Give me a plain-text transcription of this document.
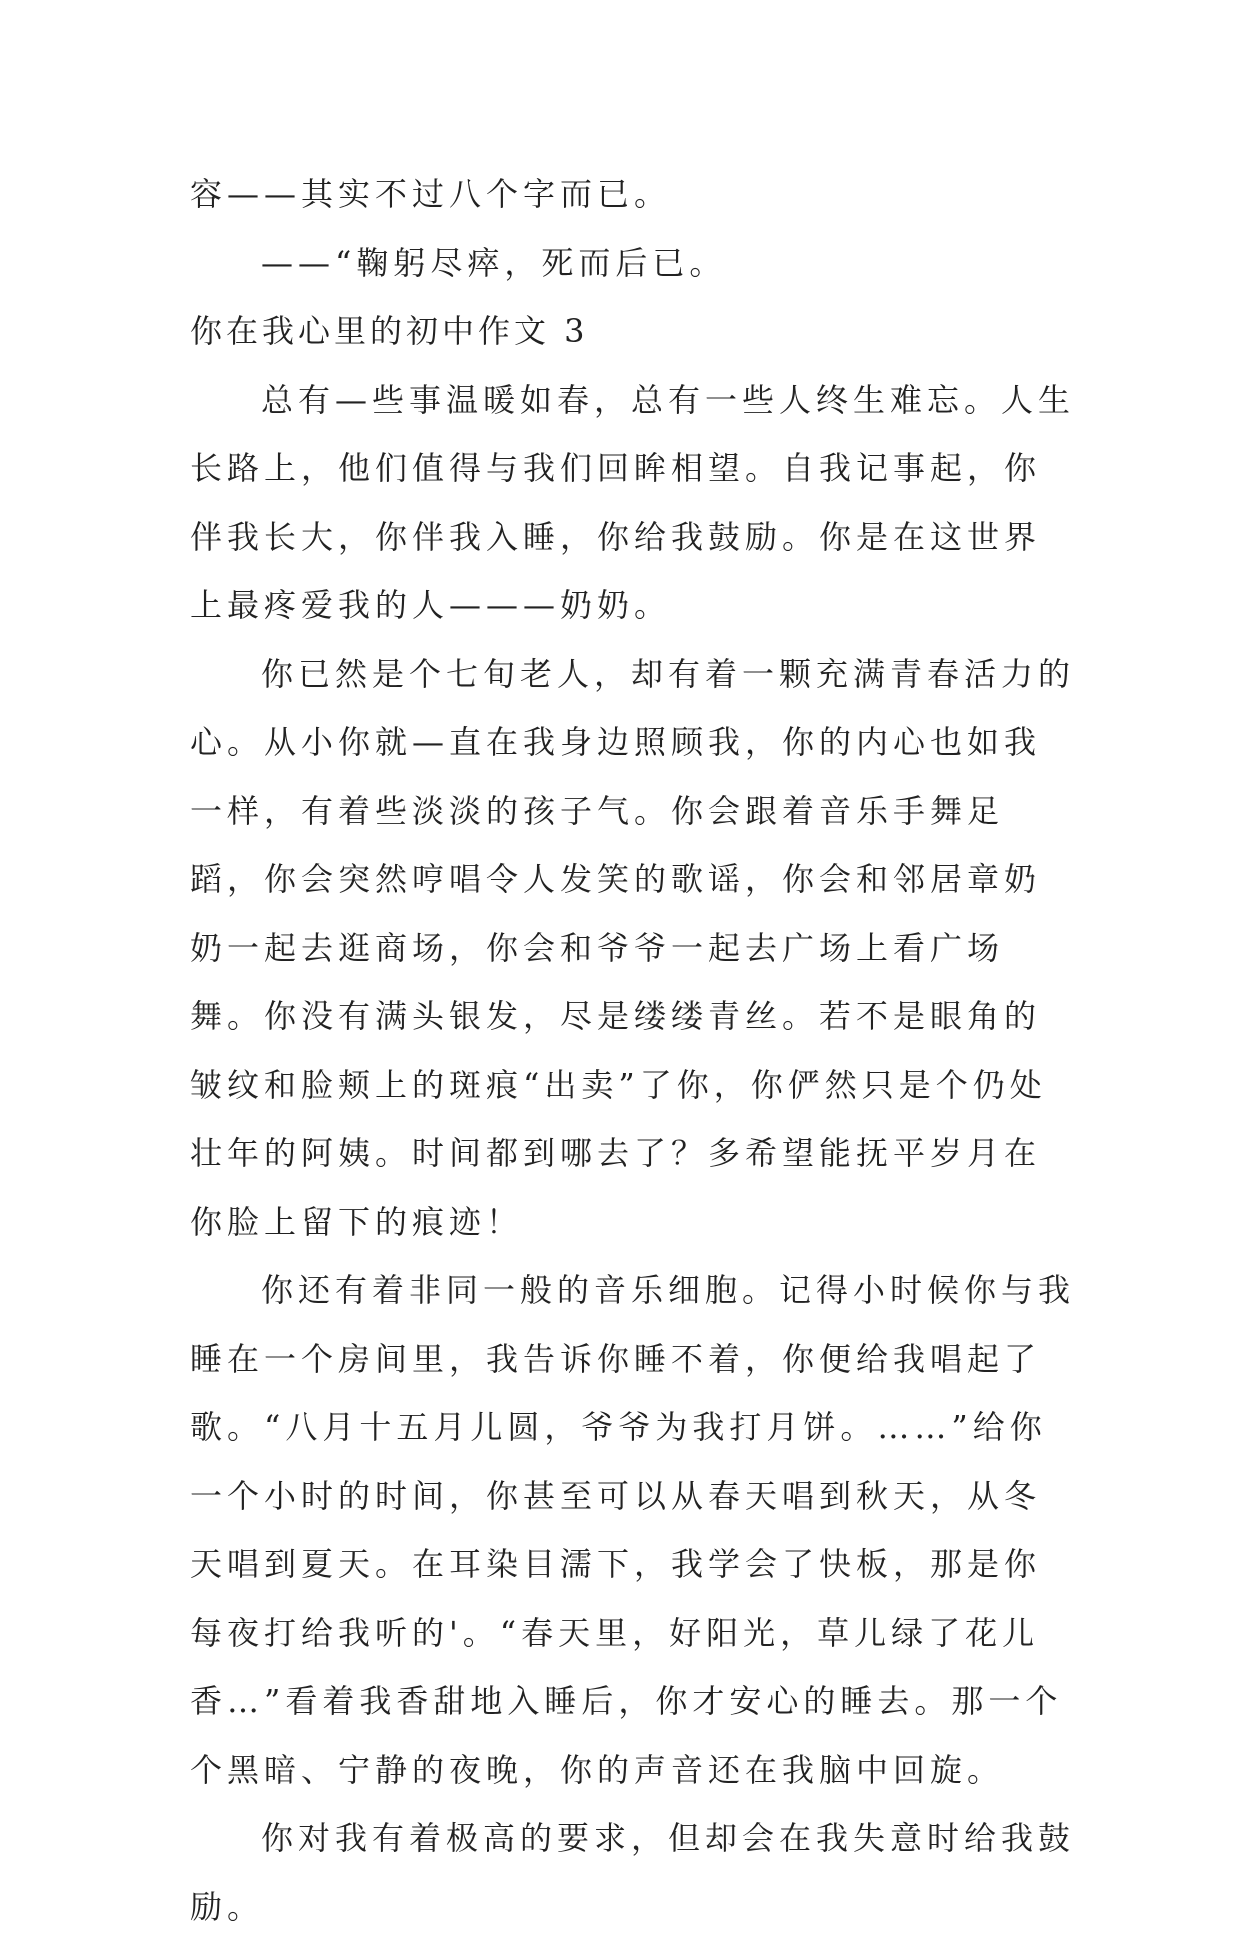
容——其实不过八个字而已。

——“鞠躬尽瘁，死而后已。

你在我心里的初中作文 3

总有—些事温暖如春，总有一些人终生难忘。人生长路上，他们值得与我们回眸相望。自我记事起，你伴我长大，你伴我入睡，你给我鼓励。你是在这世界上最疼爱我的人———奶奶。

你已然是个七旬老人，却有着一颗充满青春活力的心。从小你就—直在我身边照顾我，你的内心也如我一样，有着些淡淡的孩子气。你会跟着音乐手舞足蹈，你会突然哼唱令人发笑的歌谣，你会和邻居章奶奶一起去逛商场，你会和爷爷一起去广场上看广场舞。你没有满头银发，尽是缕缕青丝。若不是眼角的皱纹和脸颊上的斑痕“出卖”了你，你俨然只是个仍处壮年的阿姨。时间都到哪去了？多希望能抚平岁月在你脸上留下的痕迹！

你还有着非同一般的音乐细胞。记得小时候你与我睡在一个房间里，我告诉你睡不着，你便给我唱起了歌。“八月十五月儿圆，爷爷为我打月饼。……”给你一个小时的时间，你甚至可以从春天唱到秋天，从冬天唱到夏天。在耳染目濡下，我学会了快板，那是你每夜打给我听的'。“春天里，好阳光，草儿绿了花儿香…”看着我香甜地入睡后，你才安心的睡去。那一个个黑暗、宁静的夜晚，你的声音还在我脑中回旋。

你对我有着极高的要求，但却会在我失意时给我鼓励。
